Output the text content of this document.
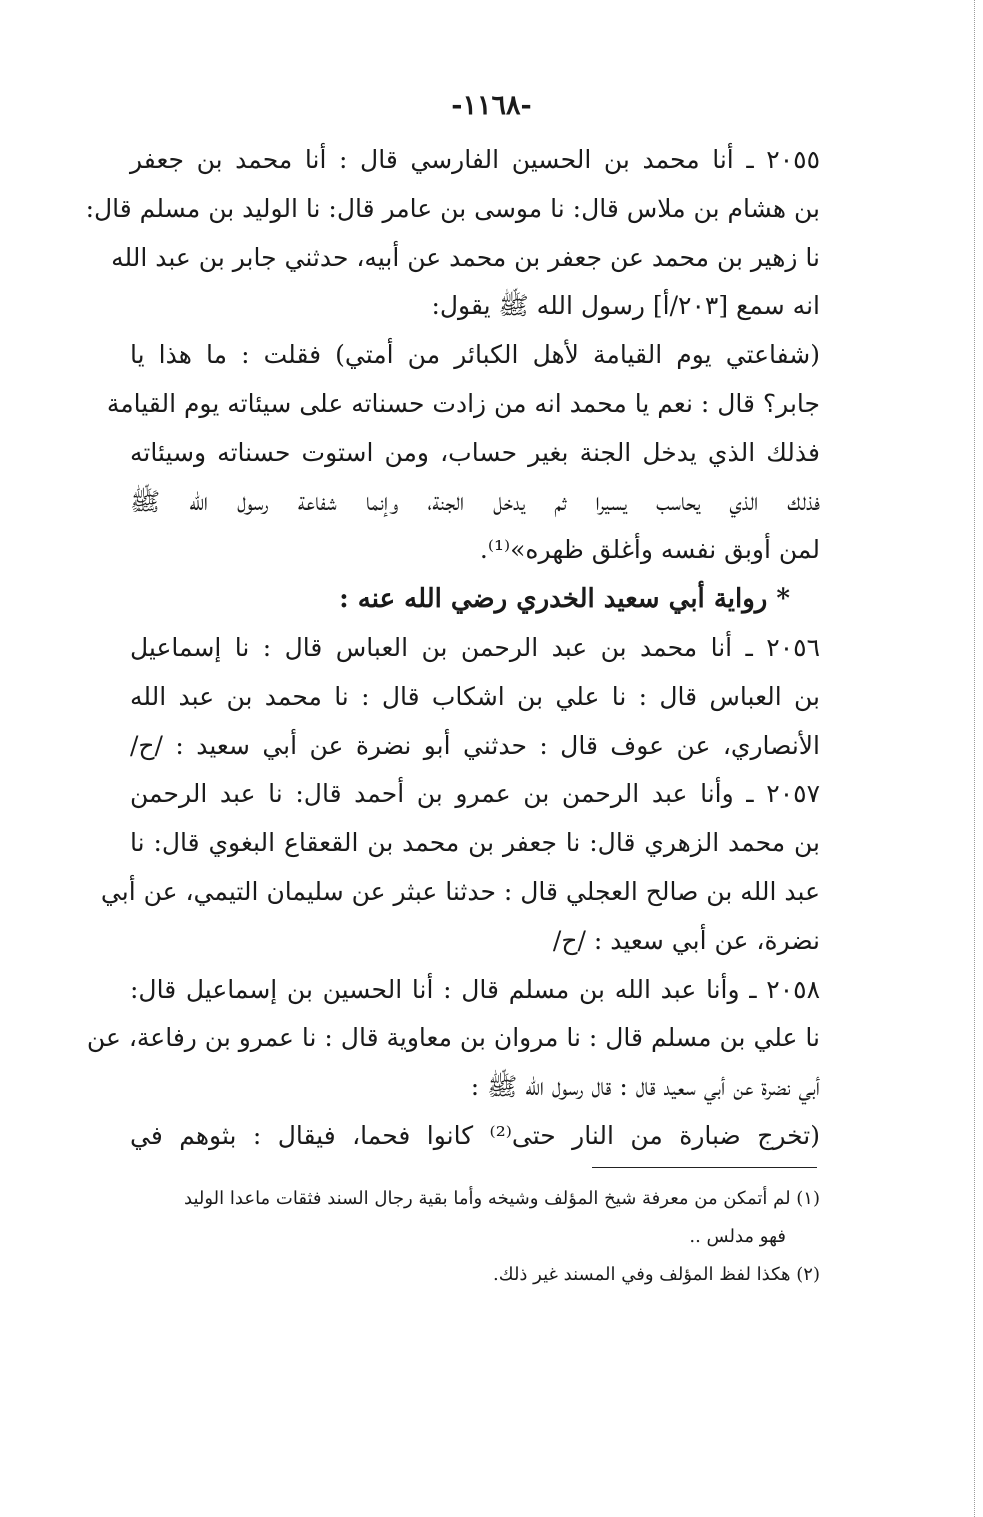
-١١٦٨-
٢٠٥٥ ـ أنا محمد بن الحسين الفارسي قال : أنا محمد بن جعفر
بن هشام بن ملاس قال: نا موسى بن عامر قال: نا الوليد بن مسلم قال:
نا زهير بن محمد عن جعفر بن محمد عن أبيه، حدثني جابر بن عبد الله
انه سمع [٢٠٣/أ] رسول الله ﷺ يقول:
(شفاعتي يوم القيامة لأهل الكبائر من أمتي) فقلت : ما هذا يا
جابر؟ قال : نعم يا محمد انه من زادت حسناته على سيئاته يوم القيامة
فذلك الذي يدخل الجنة بغير حساب، ومن استوت حسناته وسيئاته
فذلك الذي يحاسب يسيرا ثم يدخل الجنة، وإنما شفاعة رسول الله ﷺ
لمن أوبق نفسه وأغلق ظهره»⁽¹⁾.
* رواية أبي سعيد الخدري رضي الله عنه :
٢٠٥٦ ـ أنا محمد بن عبد الرحمن بن العباس قال : نا إسماعيل
بن العباس قال : نا علي بن اشكاب قال : نا محمد بن عبد الله
الأنصاري، عن عوف قال : حدثني أبو نضرة عن أبي سعيد : /ح/
٢٠٥٧ ـ وأنا عبد الرحمن بن عمرو بن أحمد قال: نا عبد الرحمن
بن محمد الزهري قال: نا جعفر بن محمد بن القعقاع البغوي قال: نا
عبد الله بن صالح العجلي قال : حدثنا عبثر عن سليمان التيمي، عن أبي
نضرة، عن أبي سعيد : /ح/
٢٠٥٨ ـ وأنا عبد الله بن مسلم قال : أنا الحسين بن إسماعيل قال:
نا علي بن مسلم قال : نا مروان بن معاوية قال : نا عمرو بن رفاعة، عن
أبي نضرة عن أبي سعيد قال : قال رسول الله ﷺ :
(تخرج ضبارة من النار حتى⁽²⁾ كانوا فحما، فيقال : بثوهم في
(١) لم أتمكن من معرفة شيخ المؤلف وشيخه وأما بقية رجال السند فثقات ماعدا الوليد
فهو مدلس ..
(٢) هكذا لفظ المؤلف وفي المسند غير ذلك.
